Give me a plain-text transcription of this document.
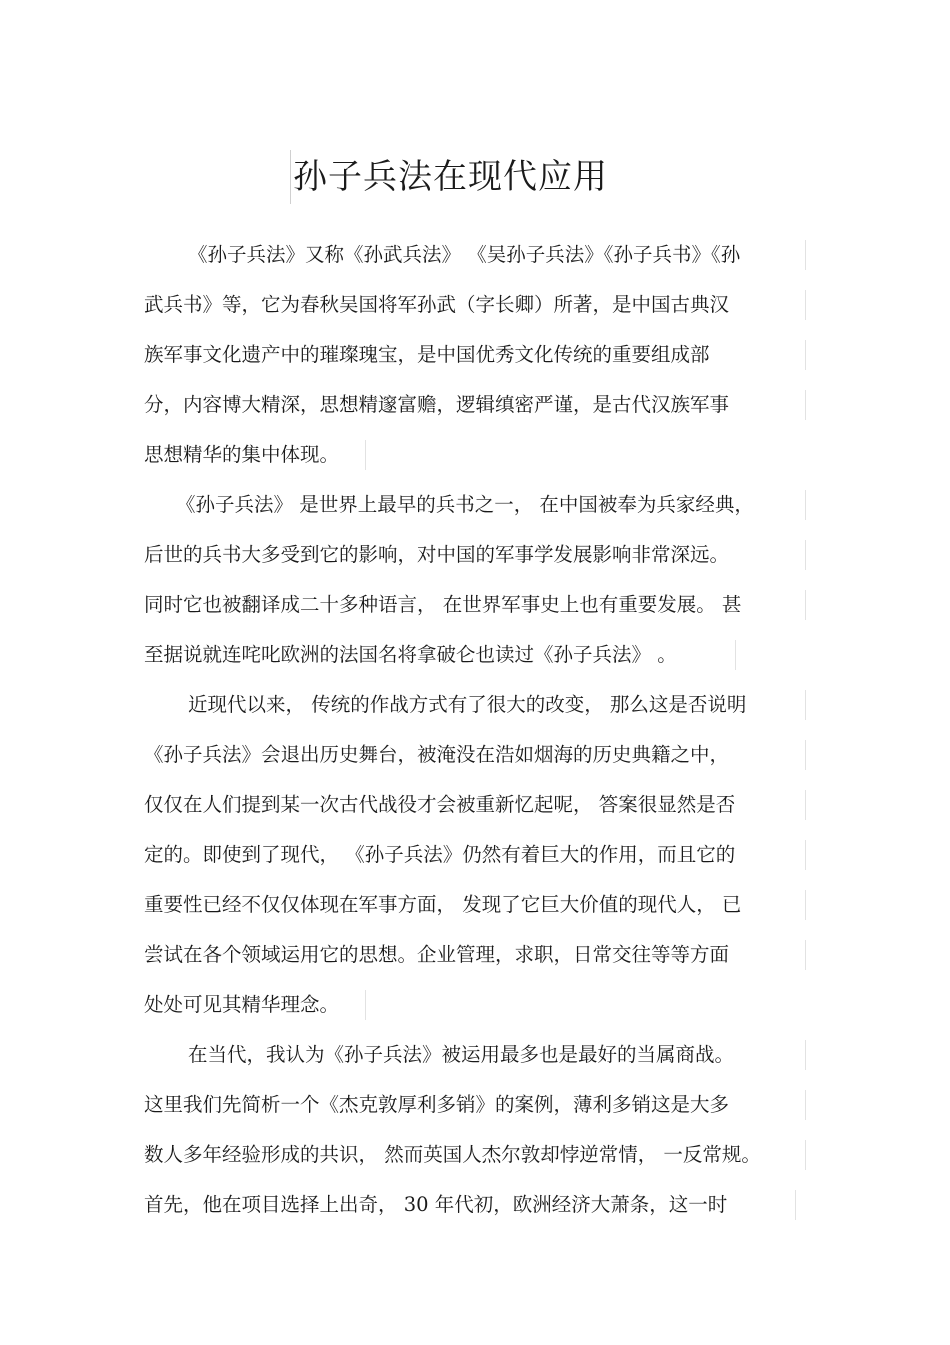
孙子兵法在现代应用
《孙子兵法》又称《孙武兵法》 《吴孙子兵法》《孙子兵书》《孙
武兵书》等，它为春秋吴国将军孙武（字长卿）所著，是中国古典汉
族军事文化遗产中的璀璨瑰宝，是中国优秀文化传统的重要组成部
分，内容博大精深，思想精邃富赡，逻辑缜密严谨，是古代汉族军事
思想精华的集中体现。
《孙子兵法》 是世界上最早的兵书之一， 在中国被奉为兵家经典，
后世的兵书大多受到它的影响，对中国的军事学发展影响非常深远。
同时它也被翻译成二十多种语言， 在世界军事史上也有重要发展。 甚
至据说就连咤叱欧洲的法国名将拿破仑也读过《孙子兵法》 。
近现代以来， 传统的作战方式有了很大的改变， 那么这是否说明
《孙子兵法》会退出历史舞台，被淹没在浩如烟海的历史典籍之中，
仅仅在人们提到某一次古代战役才会被重新忆起呢， 答案很显然是否
定的。即使到了现代， 《孙子兵法》仍然有着巨大的作用，而且它的
重要性已经不仅仅体现在军事方面， 发现了它巨大价值的现代人， 已
尝试在各个领域运用它的思想。企业管理，求职，日常交往等等方面
处处可见其精华理念。
在当代，我认为《孙子兵法》被运用最多也是最好的当属商战。
这里我们先简析一个《杰克敦厚利多销》的案例，薄利多销这是大多
数人多年经验形成的共识， 然而英国人杰尔敦却悖逆常情， 一反常规。
首先，他在项目选择上出奇， 30 年代初，欧洲经济大萧条，这一时
